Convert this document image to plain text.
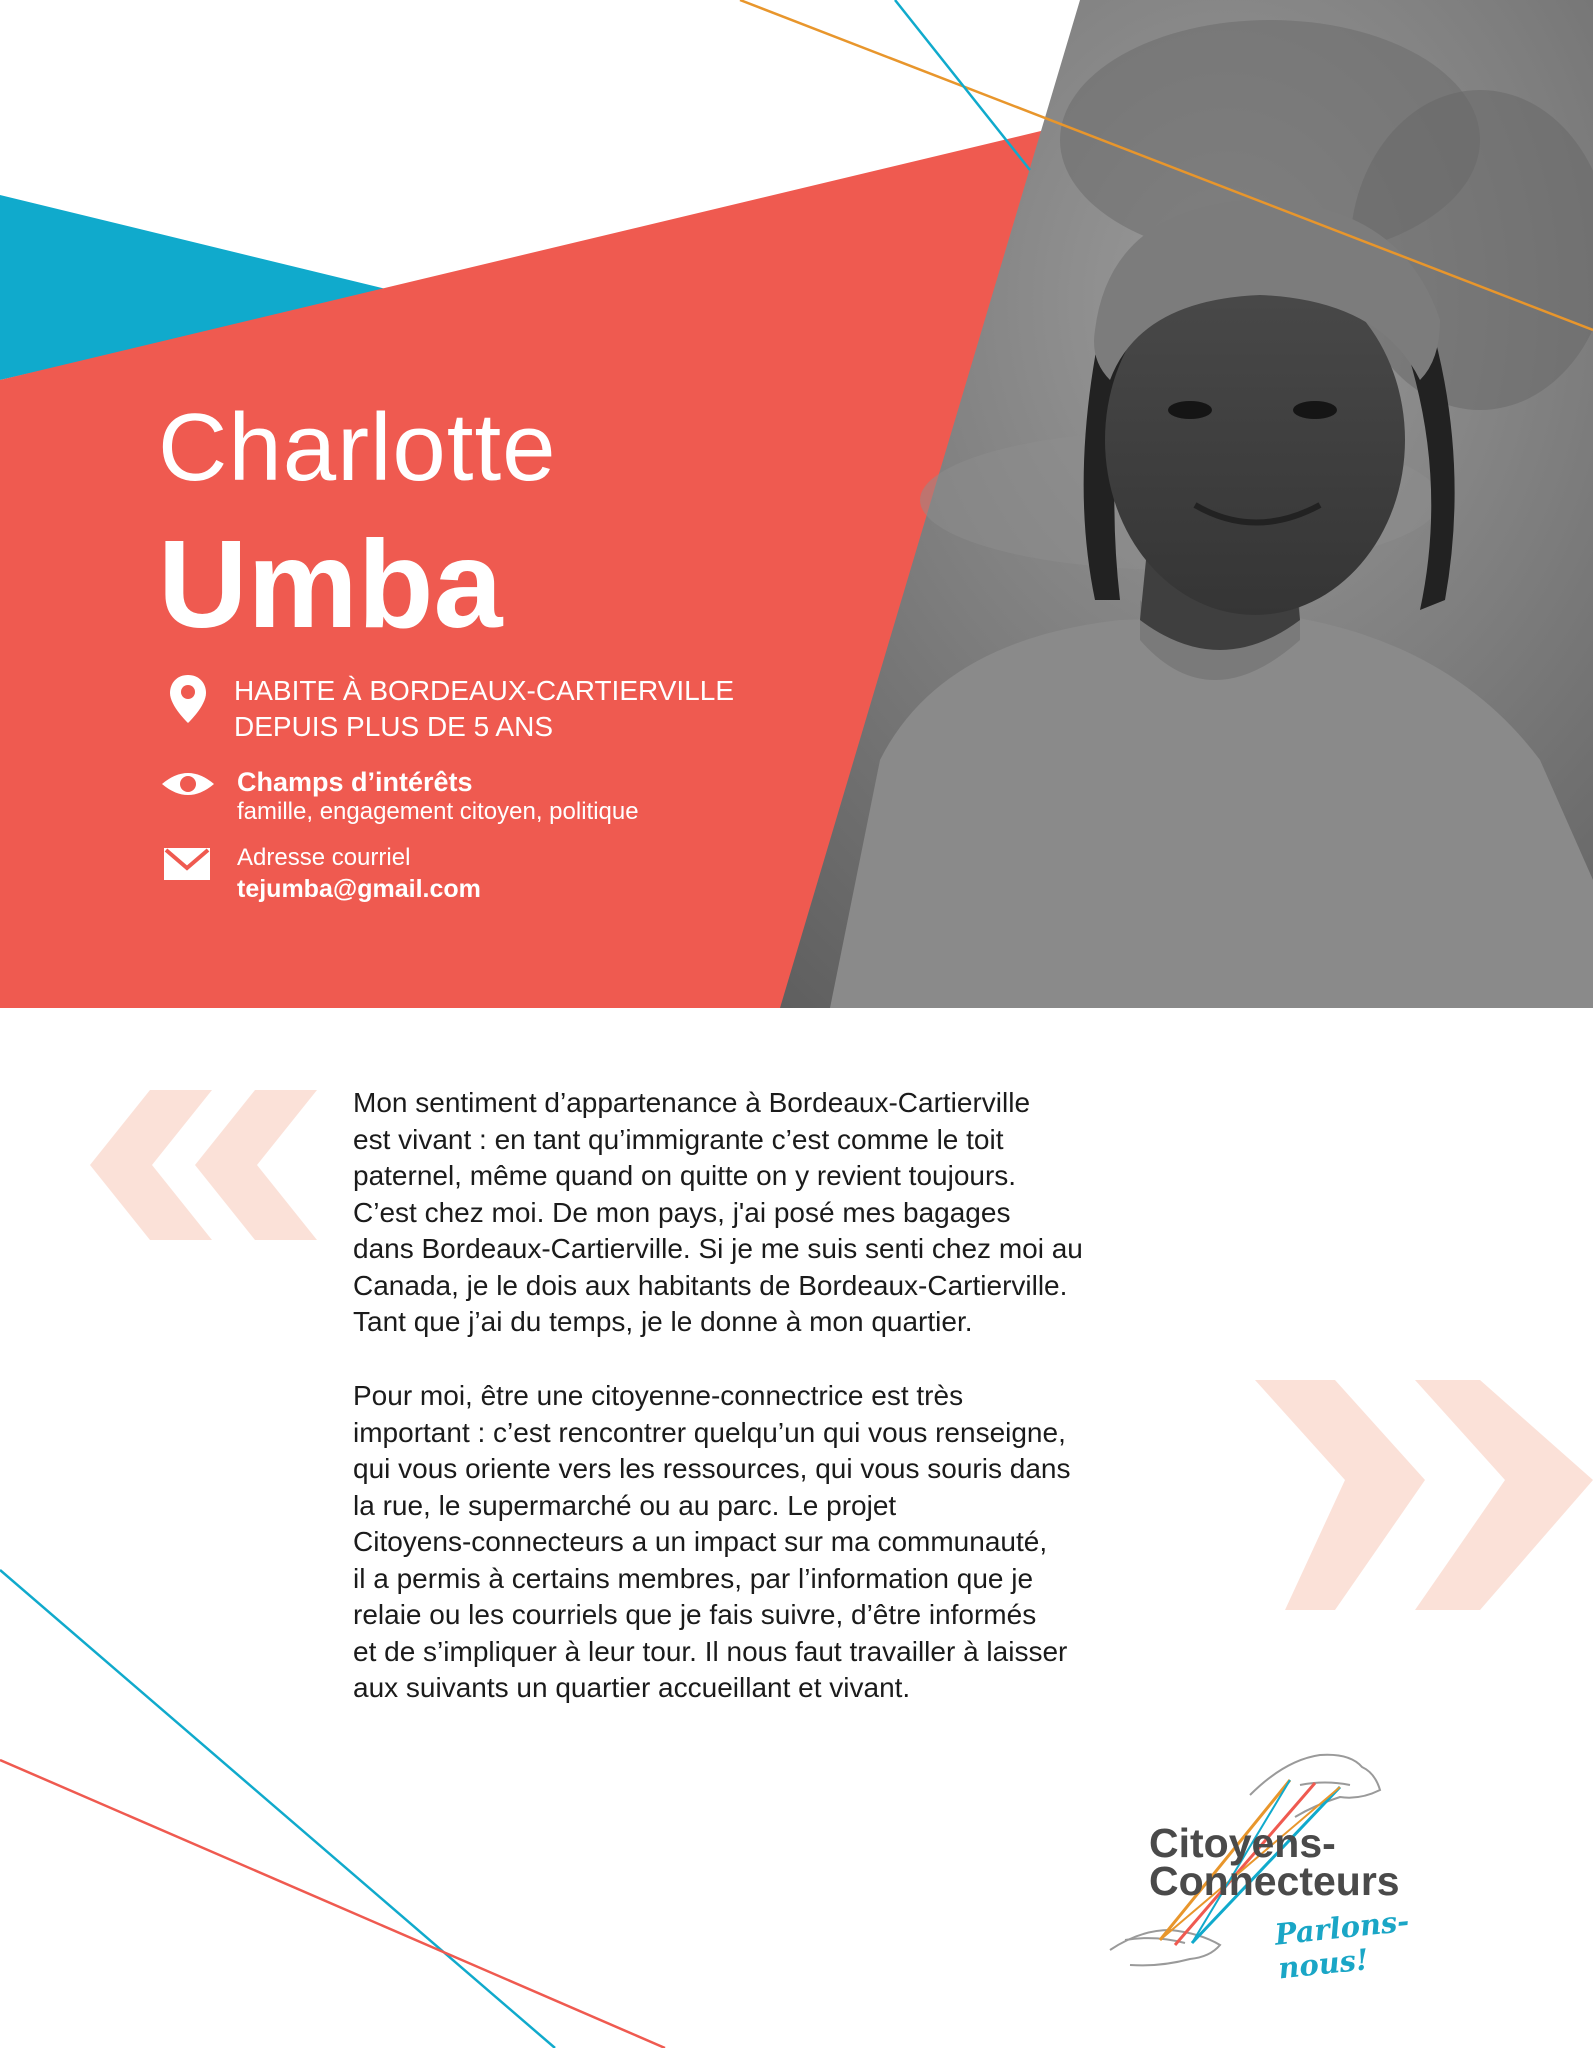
Charlotte
Umba
HABITE À BORDEAUX-CARTIERVILLE
DEPUIS PLUS DE 5 ANS
Champs d’intérêts
famille, engagement citoyen, politique
Adresse courriel
tejumba@gmail.com

Mon sentiment d’appartenance à Bordeaux-Cartierville

est vivant : en tant qu’immigrante c’est comme le toit

paternel, même quand on quitte on y revient toujours.

C’est chez moi. De mon pays, j'ai posé mes bagages

dans Bordeaux-Cartierville. Si je me suis senti chez moi au

Canada, je le dois aux habitants de Bordeaux-Cartierville.

Tant que j’ai du temps, je le donne à mon quartier.

Pour moi, être une citoyenne-connectrice est très

important : c’est rencontrer quelqu’un qui vous renseigne,

qui vous oriente vers les ressources, qui vous souris dans

la rue, le supermarché ou au parc. Le projet

Citoyens-connecteurs a un impact sur ma communauté,

il a permis à certains membres, par l’information que je

relaie ou les courriels que je fais suivre, d’être informés

et de s’impliquer à leur tour. Il nous faut travailler à laisser

aux suivants un quartier accueillant et vivant.

Citoyens-
Connecteurs
Parlons-nous!
